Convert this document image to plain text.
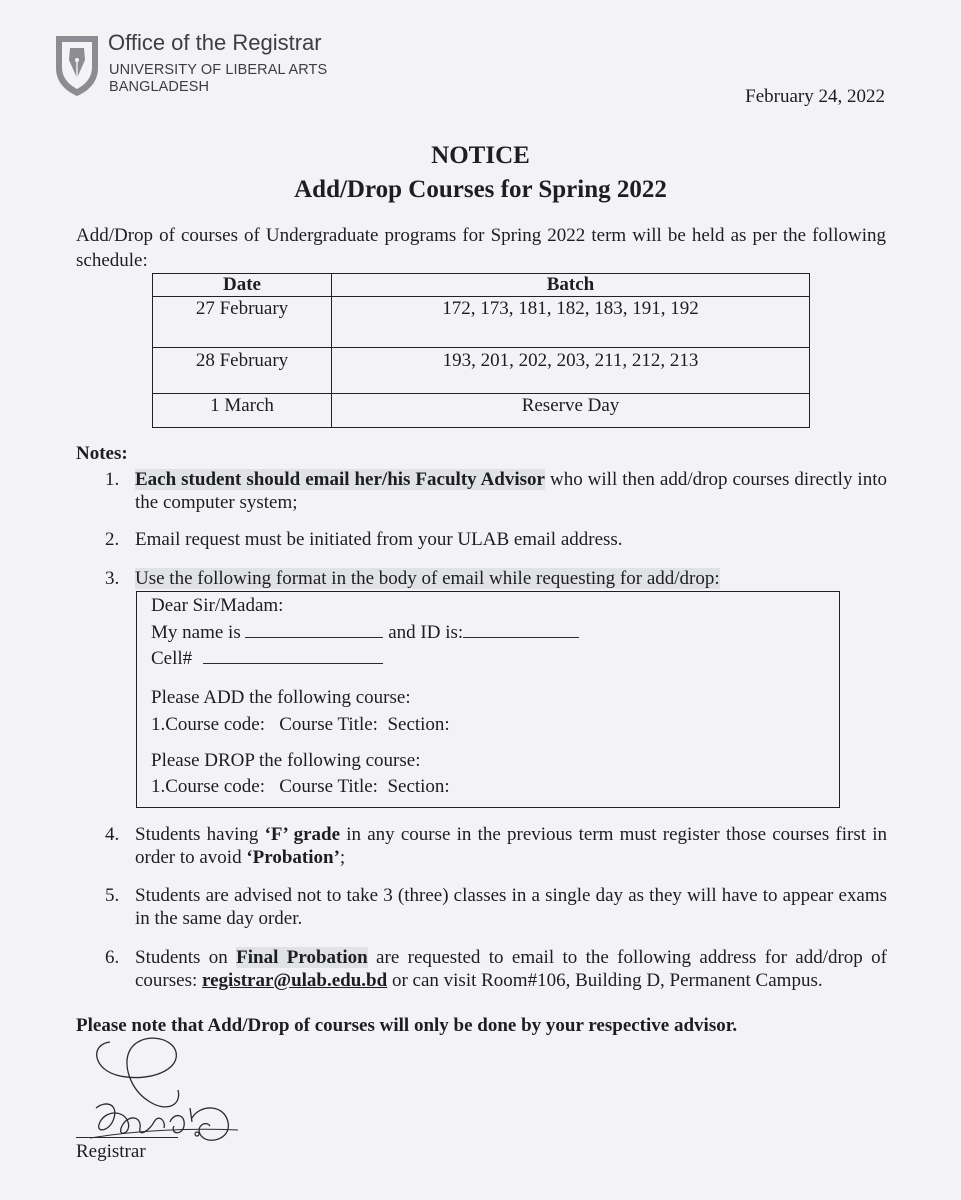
Office of the Registrar
UNIVERSITY OF LIBERAL ARTS
BANGLADESH	February 24, 2022
NOTICE
Add/Drop Courses for Spring 2022
Add/Drop of courses of Undergraduate programs for Spring 2022 term will be held as per the following schedule:
Date	Batch
27 February	172, 173, 181, 182, 183, 191, 192
28 February	193, 201, 202, 203, 211, 212, 213
1 March	Reserve Day
Notes:
1. Each student should email her/his Faculty Advisor who will then add/drop courses directly into the computer system;
2. Email request must be initiated from your ULAB email address.
3. Use the following format in the body of email while requesting for add/drop:
Dear Sir/Madam:
My name is	and ID is:
Cell#
Please ADD the following course:
1.Course code:   Course Title:  Section:
Please DROP the following course:
1.Course code:   Course Title:  Section:
4. Students having ‘F’ grade in any course in the previous term must register those courses first in order to avoid ‘Probation’;
5. Students are advised not to take 3 (three) classes in a single day as they will have to appear exams in the same day order.
6. Students on Final Probation are requested to email to the following address for add/drop of courses: registrar@ulab.edu.bd or can visit Room#106, Building D, Permanent Campus.
Please note that Add/Drop of courses will only be done by your respective advisor.
Registrar
